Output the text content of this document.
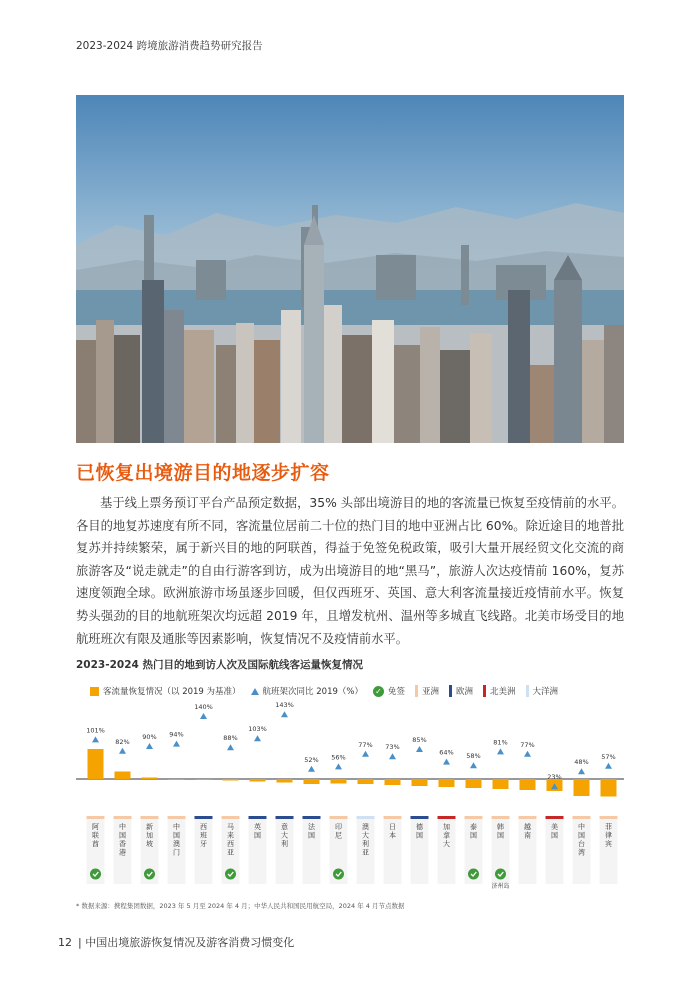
2023-2024 跨境旅游消费趋势研究报告
已恢复出境游目的地逐步扩容
基于线上票务预订平台产品预定数据，35% 头部出境游目的地的客流量已恢复至疫情前的水平。各目的地复苏速度有所不同，客流量位居前二十位的热门目的地中亚洲占比 60%。除近途目的地普批复苏并持续繁荣，属于新兴目的地的阿联酋，得益于免签免税政策，吸引大量开展经贸文化交流的商旅游客及“说走就走”的自由行游客到访，成为出境游目的地“黑马”，旅游人次达疫情前 160%，复苏速度领跑全球。欧洲旅游市场虽逐步回暖，但仅西班牙、英国、意大利客流量接近疫情前水平。恢复势头强劲的目的地航班架次均远超 2019 年，且增发杭州、温州等多城直飞线路。北美市场受目的地航班班次有限及通胀等因素影响，恢复情况不及疫情前水平。
2023-2024 热门目的地到访人次及国际航线客运量恢复情况
客流量恢复情况（以 2019 为基准）	航班架次同比 2019（%） ✓ 免签 亚洲 欧洲 北美洲 大洋洲
101%
阿
联
酋
82%
中
国
香
港
90%
新
加
坡
94%
中
国
澳
门
140%
西
班
牙
88%
马
来
西
亚
103%
英
国
143%
意
大
利
52%
法
国
56%
印
尼
77%
澳
大
利
亚
73%
日
本
85%
德
国
64%
加
拿
大
58%
泰
国
81%
韩
国
济州岛
77%
越
南
23%
美
国
48%
中
国
台
湾
57%
菲
律
宾
* 数据来源：携程集团数据，2023 年 5 月至 2024 年 4 月；中华人民共和国民用航空局，2024 年 4 月节点数据
12 | 中国出境旅游恢复情况及游客消费习惯变化
